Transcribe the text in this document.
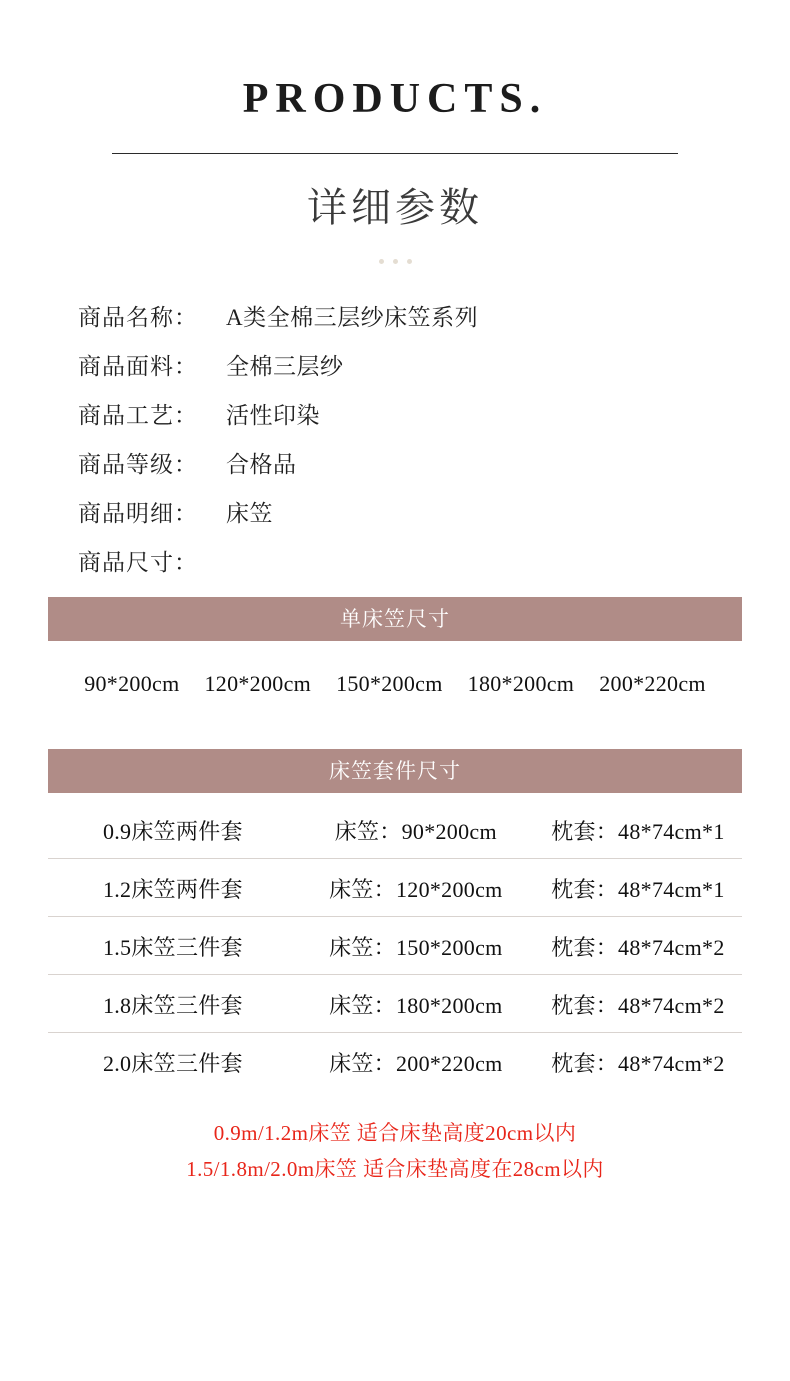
PRODUCTS.
详细参数
商品名称：	A类全棉三层纱床笠系列
商品面料：	全棉三层纱
商品工艺：	活性印染
商品等级：	合格品
商品明细：	床笠
商品尺寸：
单床笠尺寸
90*200cm 120*200cm 150*200cm 180*200cm 200*220cm
床笠套件尺寸
0.9床笠两件套	床笠：90*200cm	枕套：48*74cm*1
1.2床笠两件套	床笠：120*200cm	枕套：48*74cm*1
1.5床笠三件套	床笠：150*200cm	枕套：48*74cm*2
1.8床笠三件套	床笠：180*200cm	枕套：48*74cm*2
2.0床笠三件套	床笠：200*220cm	枕套：48*74cm*2
0.9m/1.2m床笠 适合床垫高度20cm以内
1.5/1.8m/2.0m床笠 适合床垫高度在28cm以内
